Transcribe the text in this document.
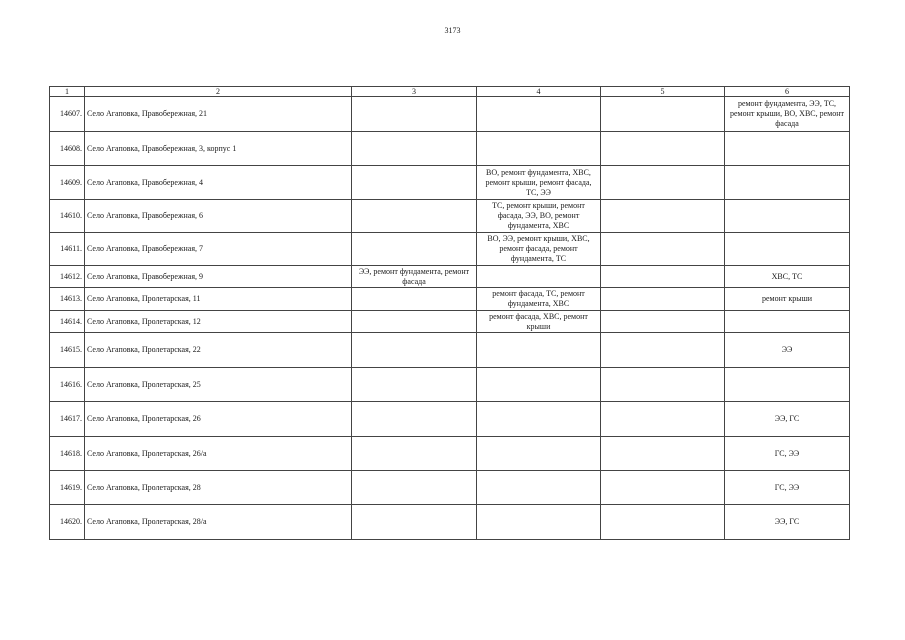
3173
1	2	3	4	5	6
14607.	Село Агаповка, Правобережная, 21				ремонт фундамента, ЭЭ, ТС, ремонт крыши, ВО, ХВС, ремонт фасада
14608.	Село Агаповка, Правобережная, 3, корпус 1				
14609.	Село Агаповка, Правобережная, 4		ВО, ремонт фундамента, ХВС, ремонт крыши, ремонт фасада, ТС, ЭЭ		
14610.	Село Агаповка, Правобережная, 6		ТС, ремонт крыши, ремонт фасада, ЭЭ, ВО, ремонт фундамента, ХВС		
14611.	Село Агаповка, Правобережная, 7		ВО, ЭЭ, ремонт крыши, ХВС, ремонт фасада, ремонт фундамента, ТС		
14612.	Село Агаповка, Правобережная, 9	ЭЭ, ремонт фундамента, ремонт фасада			ХВС, ТС
14613.	Село Агаповка, Пролетарская, 11		ремонт фасада, ТС, ремонт фундамента, ХВС		ремонт крыши
14614.	Село Агаповка, Пролетарская, 12		ремонт фасада, ХВС, ремонт крыши		
14615.	Село Агаповка, Пролетарская, 22				ЭЭ
14616.	Село Агаповка, Пролетарская, 25				
14617.	Село Агаповка, Пролетарская, 26				ЭЭ, ГС
14618.	Село Агаповка, Пролетарская, 26/а				ГС, ЭЭ
14619.	Село Агаповка, Пролетарская, 28				ГС, ЭЭ
14620.	Село Агаповка, Пролетарская, 28/а				ЭЭ, ГС
